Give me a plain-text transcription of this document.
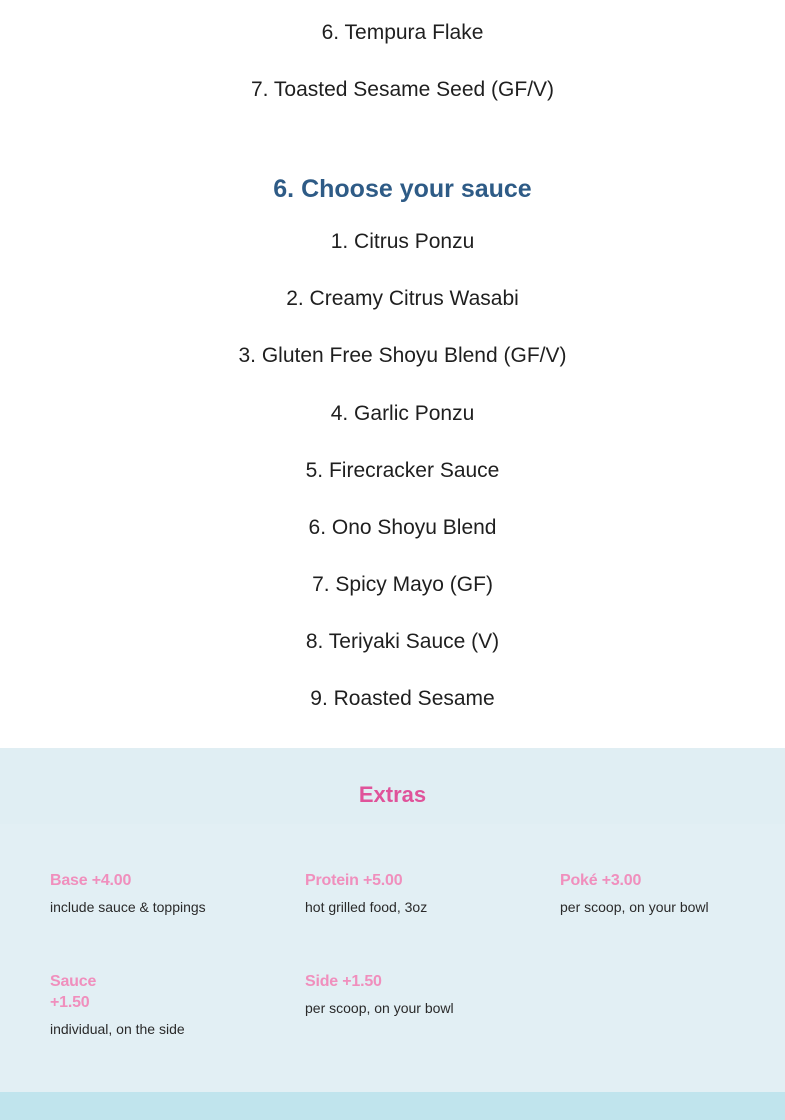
6. Tempura Flake
7. Toasted Sesame Seed (GF/V)
6. Choose your sauce
1. Citrus Ponzu
2. Creamy Citrus Wasabi
3. Gluten Free Shoyu Blend (GF/V)
4. Garlic Ponzu
5. Firecracker Sauce
6. Ono Shoyu Blend
7. Spicy Mayo (GF)
8. Teriyaki Sauce (V)
9. Roasted Sesame
Extras
Base +4.00
include sauce & toppings
Protein +5.00
hot grilled food, 3oz
Poké +3.00
per scoop, on your bowl
Sauce
+1.50
individual, on the side
Side +1.50
per scoop, on your bowl
